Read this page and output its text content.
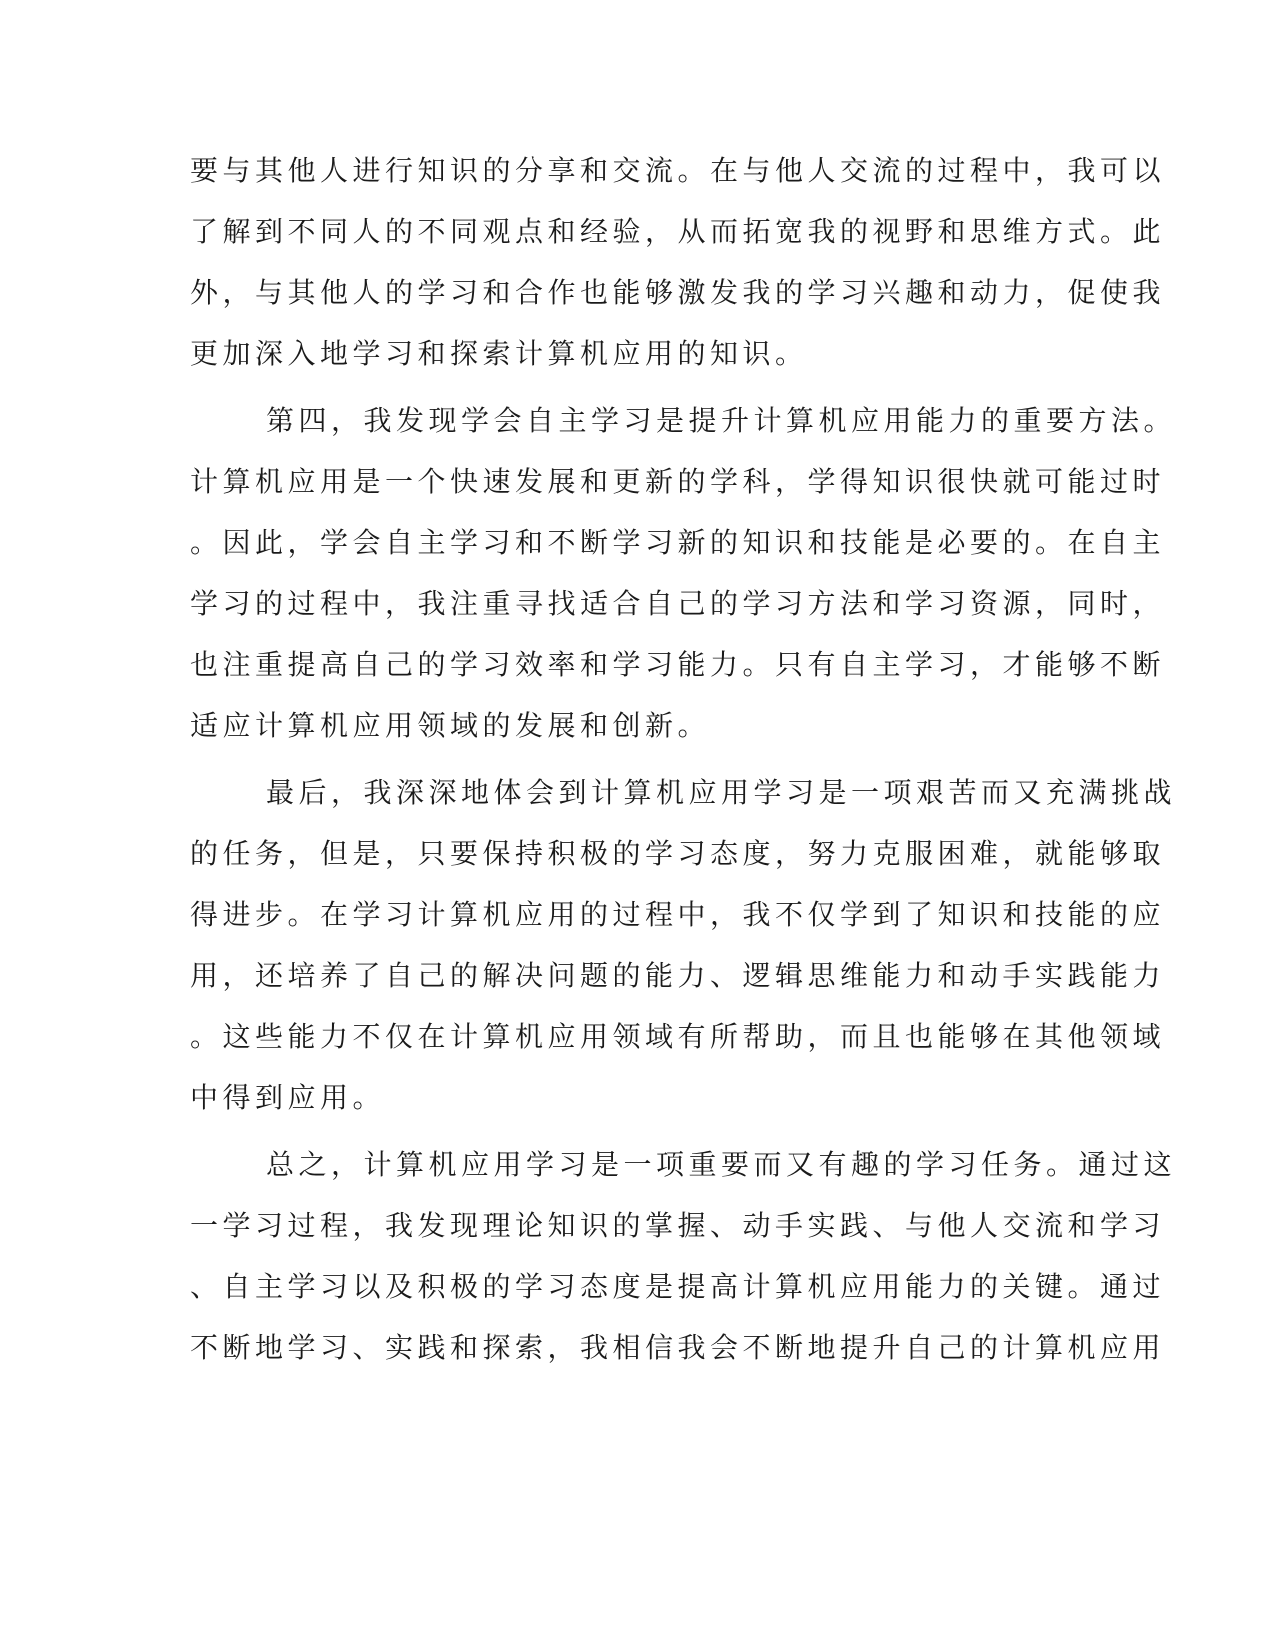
要与其他人进行知识的分享和交流。在与他人交流的过程中，我可以
了解到不同人的不同观点和经验，从而拓宽我的视野和思维方式。此
外，与其他人的学习和合作也能够激发我的学习兴趣和动力，促使我
更加深入地学习和探索计算机应用的知识。
第四，我发现学会自主学习是提升计算机应用能力的重要方法。
计算机应用是一个快速发展和更新的学科，学得知识很快就可能过时
。因此，学会自主学习和不断学习新的知识和技能是必要的。在自主
学习的过程中，我注重寻找适合自己的学习方法和学习资源，同时，
也注重提高自己的学习效率和学习能力。只有自主学习，才能够不断
适应计算机应用领域的发展和创新。
最后，我深深地体会到计算机应用学习是一项艰苦而又充满挑战
的任务，但是，只要保持积极的学习态度，努力克服困难，就能够取
得进步。在学习计算机应用的过程中，我不仅学到了知识和技能的应
用，还培养了自己的解决问题的能力、逻辑思维能力和动手实践能力
。这些能力不仅在计算机应用领域有所帮助，而且也能够在其他领域
中得到应用。
总之，计算机应用学习是一项重要而又有趣的学习任务。通过这
一学习过程，我发现理论知识的掌握、动手实践、与他人交流和学习
、自主学习以及积极的学习态度是提高计算机应用能力的关键。通过
不断地学习、实践和探索，我相信我会不断地提升自己的计算机应用
